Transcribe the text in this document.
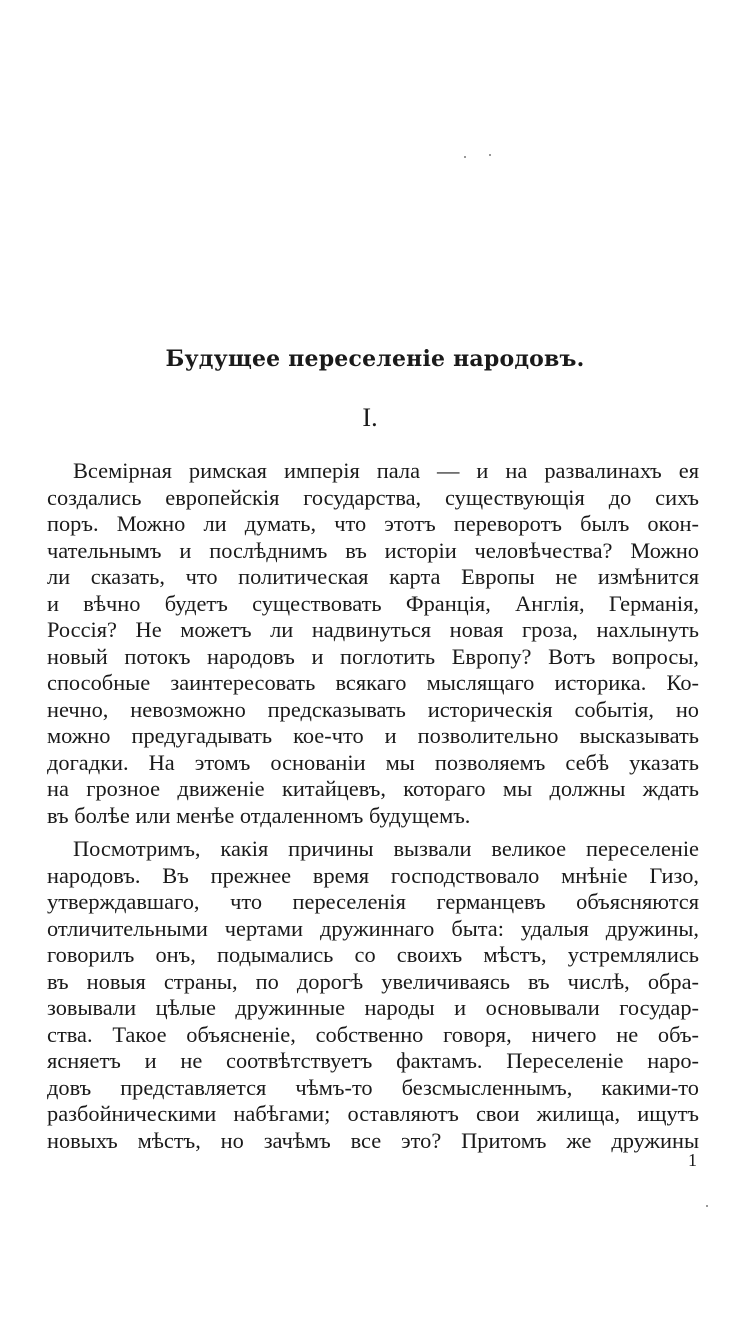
Будущее переселеніе народовъ.
I.
Всемірная римская имперія пала — и на развалинахъ ея
создались европейскія государства, существующія до сихъ
поръ. Можно ли думать, что этотъ переворотъ былъ окон-
чательнымъ и послѣднимъ въ исторіи человѣчества? Можно
ли сказать, что политическая карта Европы не измѣнится
и вѣчно будетъ существовать Франція, Англія, Германія,
Россія? Не можетъ ли надвинуться новая гроза, нахлынуть
новый потокъ народовъ и поглотить Европу? Вотъ вопросы,
способные заинтересовать всякаго мыслящаго историка. Ко-
нечно, невозможно предсказывать историческія событія, но
можно предугадывать кое-что и позволительно высказывать
догадки. На этомъ основаніи мы позволяемъ себѣ указать
на грозное движеніе китайцевъ, котораго мы должны ждать
въ болѣе или менѣе отдаленномъ будущемъ.
Посмотримъ, какія причины вызвали великое переселеніе
народовъ. Въ прежнее время господствовало мнѣніе Гизо,
утверждавшаго, что переселенія германцевъ объясняются
отличительными чертами дружиннаго быта: удалыя дружины,
говорилъ онъ, подымались со своихъ мѣстъ, устремлялись
въ новыя страны, по дорогѣ увеличиваясь въ числѣ, обра-
зовывали цѣлые дружинные народы и основывали государ-
ства. Такое объясненіе, собственно говоря, ничего не объ-
ясняетъ и не соотвѣтствуетъ фактамъ. Переселеніе наро-
довъ представляется чѣмъ-то безсмысленнымъ, какими-то
разбойническими набѣгами; оставляютъ свои жилища, ищутъ
новыхъ мѣстъ, но зачѣмъ все это? Притомъ же дружины
1
